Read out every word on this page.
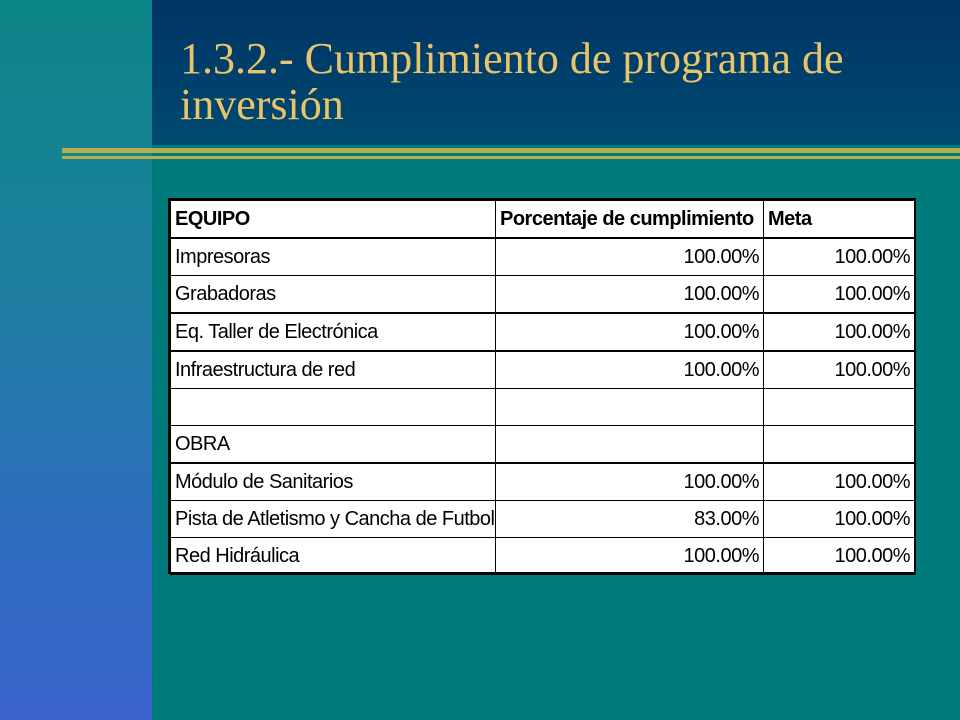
1.3.2.- Cumplimiento de programa de inversión
EQUIPO	Porcentaje de cumplimiento	Meta
Impresoras	100.00%	100.00%
Grabadoras	100.00%	100.00%
Eq. Taller de Electrónica	100.00%	100.00%
Infraestructura de red	100.00%	100.00%

OBRA		
Módulo de Sanitarios	100.00%	100.00%
Pista de Atletismo y Cancha de Futbol	83.00%	100.00%
Red Hidráulica	100.00%	100.00%
